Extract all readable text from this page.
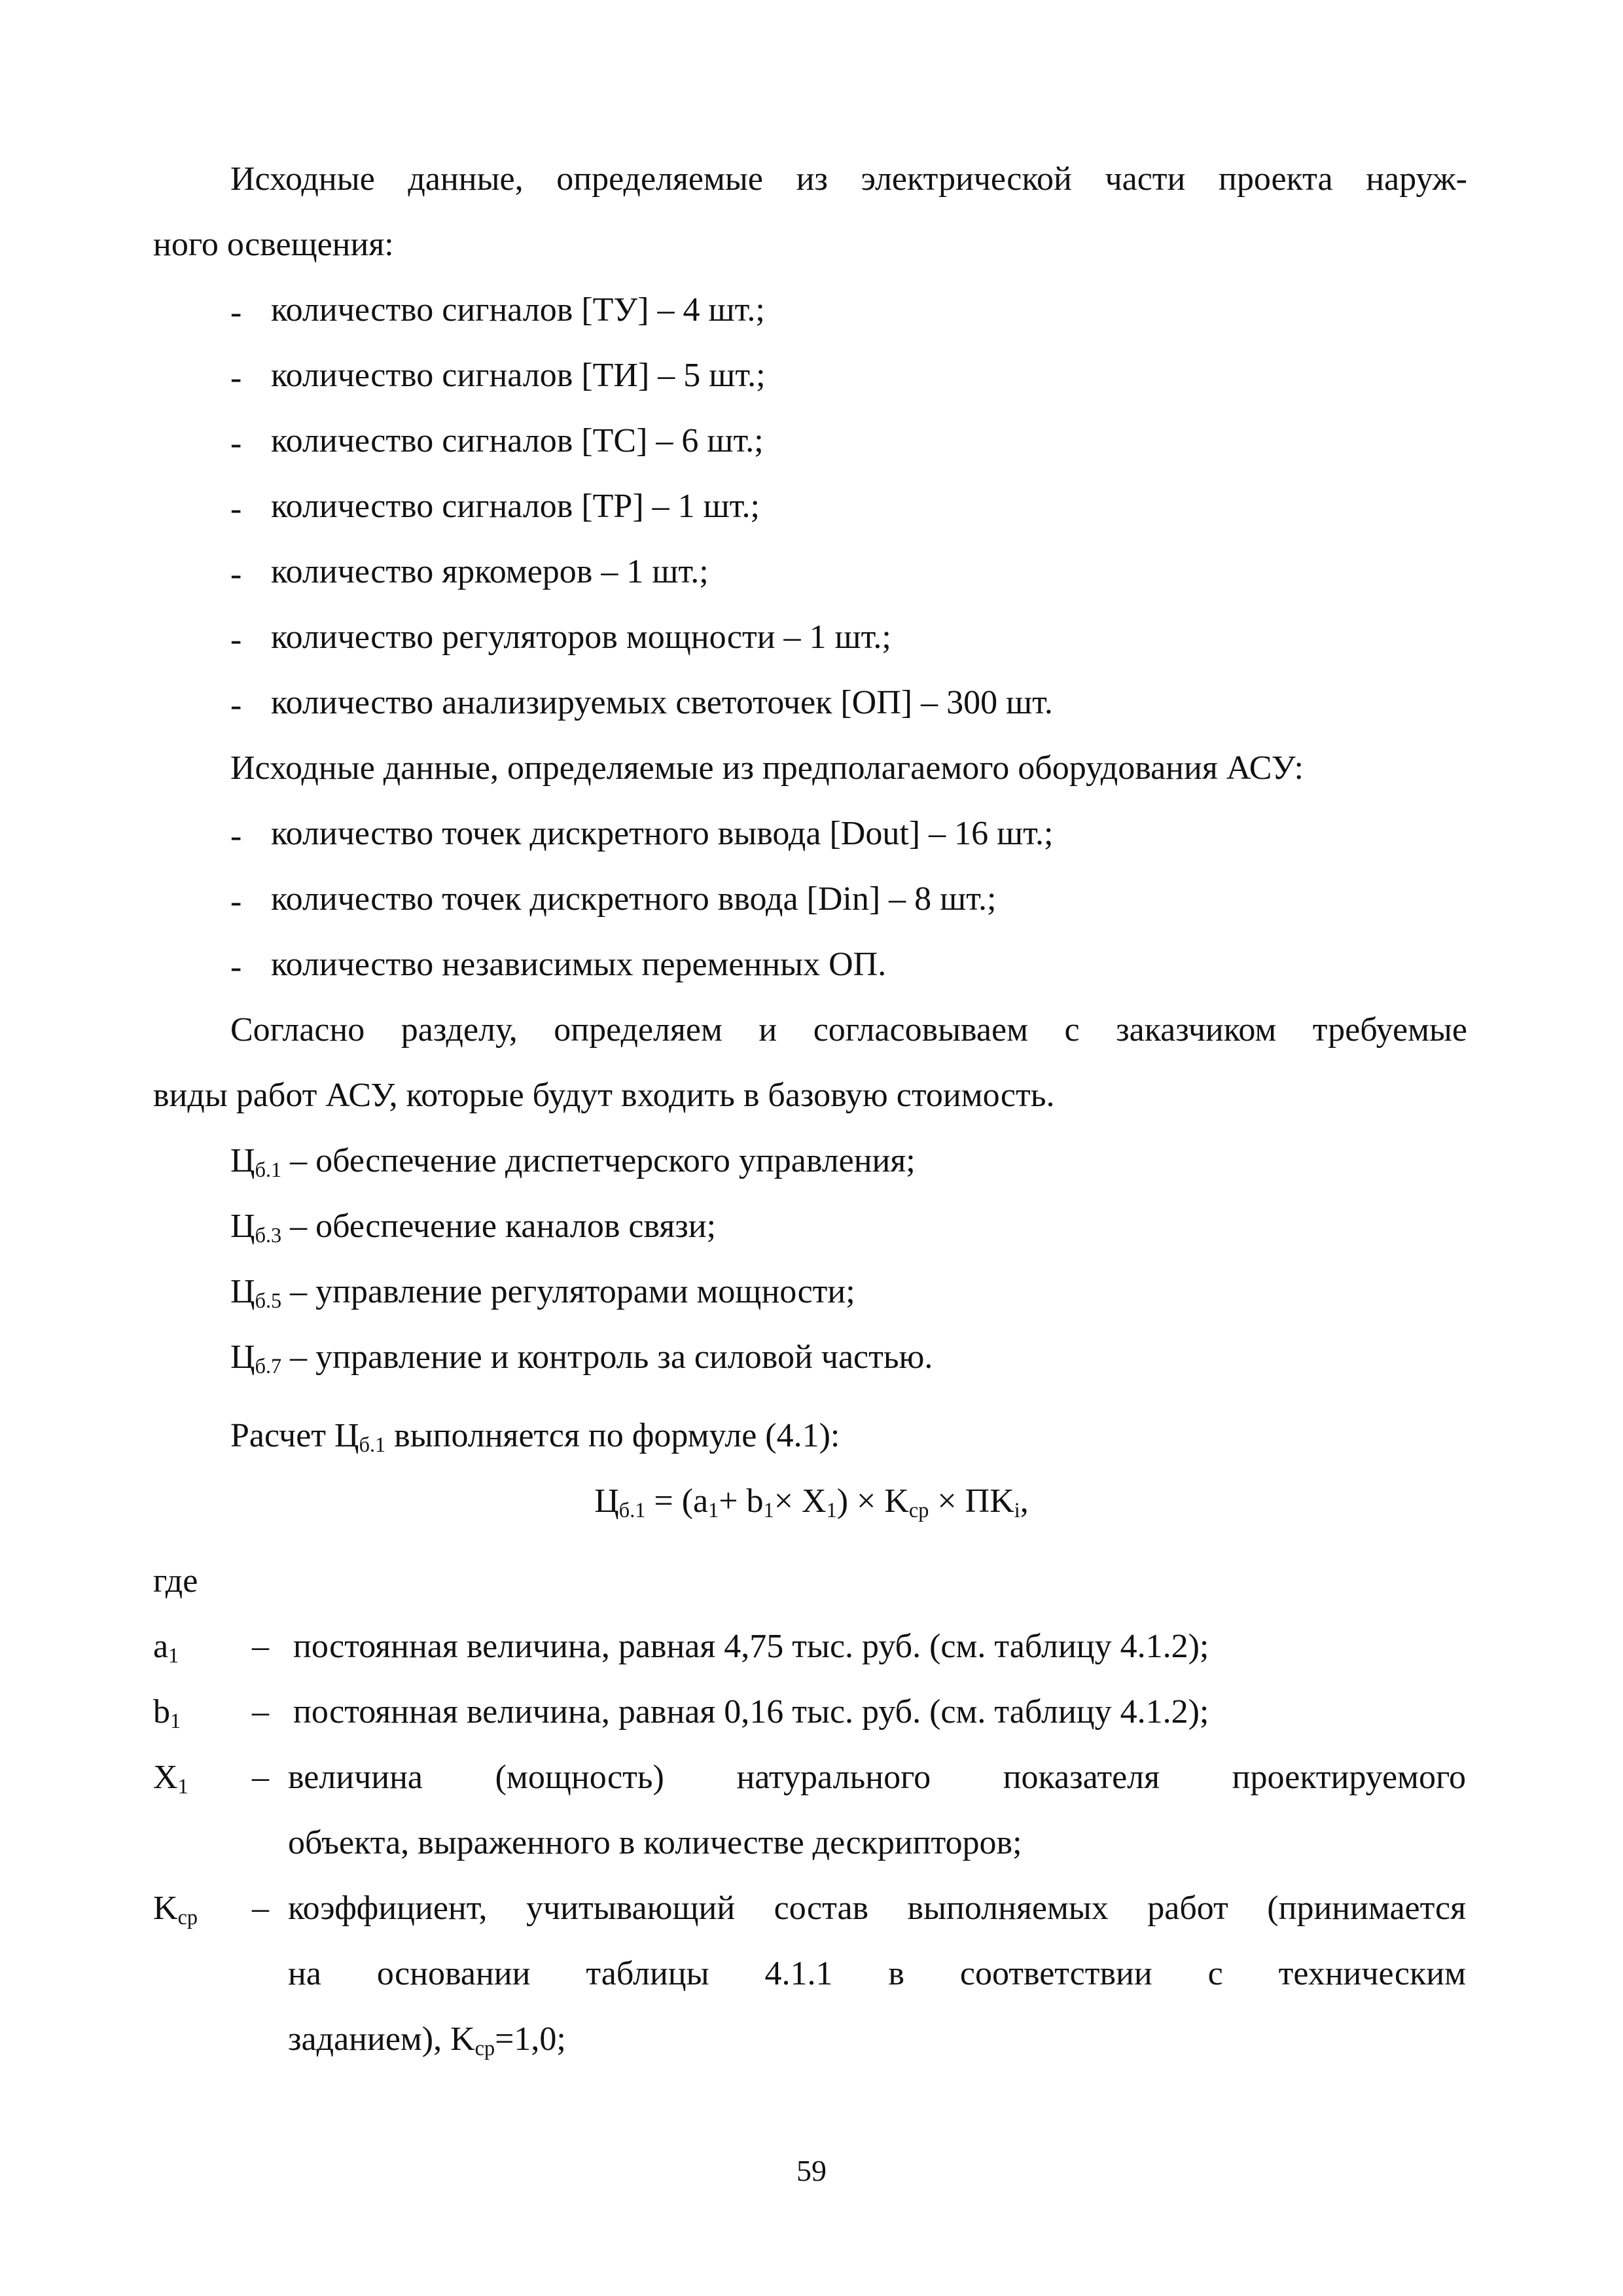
Исходные данные, определяемые из электрической части проекта наруж-
ного освещения:
- количество сигналов [ТУ] – 4 шт.;
- количество сигналов [ТИ] – 5 шт.;
- количество сигналов [ТС] – 6 шт.;
- количество сигналов [ТР] – 1 шт.;
- количество яркомеров – 1 шт.;
- количество регуляторов мощности – 1 шт.;
- количество анализируемых светоточек [ОП] – 300 шт.
Исходные данные, определяемые из предполагаемого оборудования АСУ:
- количество точек дискретного вывода [Dout] – 16 шт.;
- количество точек дискретного ввода [Din] – 8 шт.;
- количество независимых переменных ОП.
Согласно разделу, определяем и согласовываем с заказчиком требуемые
виды работ АСУ, которые будут входить в базовую стоимость.
$Ц_{б.1}$ – обеспечение диспетчерского управления;
$Ц_{б.3}$ – обеспечение каналов связи;
$Ц_{б.5}$ – управление регуляторами мощности;
$Ц_{б.7}$ – управление и контроль за силовой частью.
Расчет $Ц_{б.1}$ выполняется по формуле (4.1):
$Ц_{б.1} = (a_1+ b_1\times X_1) \times K_{ср} \times ПK_i$,
где
$a_1$ – постоянная величина, равная 4,75 тыс. руб. (см. таблицу 4.1.2);
$b_1$ – постоянная величина, равная 0,16 тыс. руб. (см. таблицу 4.1.2);
$X_1$ – величина (мощность) натурального показателя проектируемого
объекта, выраженного в количестве дескрипторов;
$K_{ср}$ – коэффициент, учитывающий состав выполняемых работ (принимается
на основании таблицы 4.1.1 в соответствии с техническим
заданием), $K_{ср}=1,0$;
59
